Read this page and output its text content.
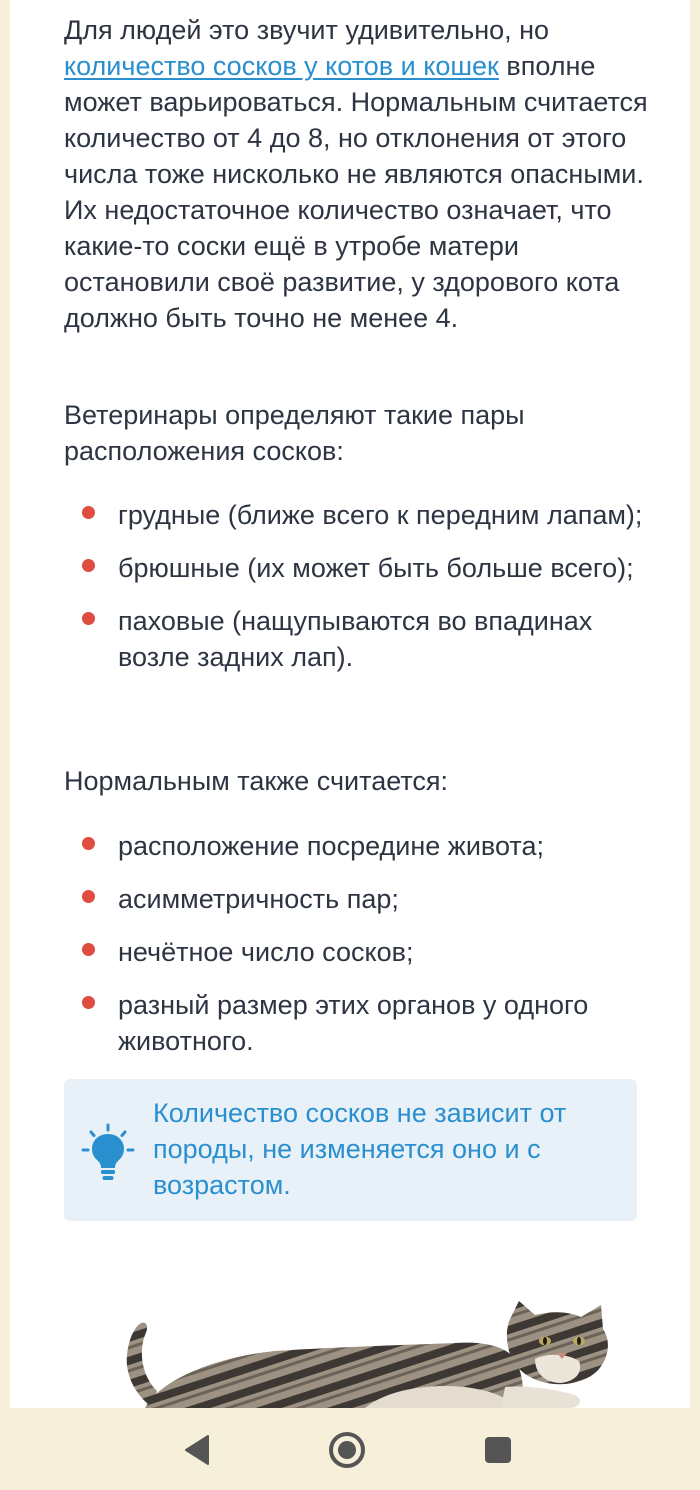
Для людей это звучит удивительно, но количество сосков у котов и кошек вполне может варьироваться. Нормальным считается количество от 4 до 8, но отклонения от этого числа тоже нисколько не являются опасными. Их недостаточное количество означает, что какие-то соски ещё в утробе матери остановили своё развитие, у здорового кота должно быть точно не менее 4.

Ветеринары определяют такие пары расположения сосков:

грудные (ближе всего к передним лапам);
брюшные (их может быть больше всего);
паховые (нащупываются во впадинах возле задних лап).

Нормальным также считается:

расположение посредине живота;
асимметричность пар;
нечётное число сосков;
разный размер этих органов у одного животного.
Количество сосков не зависит от породы, не изменяется оно и с возрастом.
